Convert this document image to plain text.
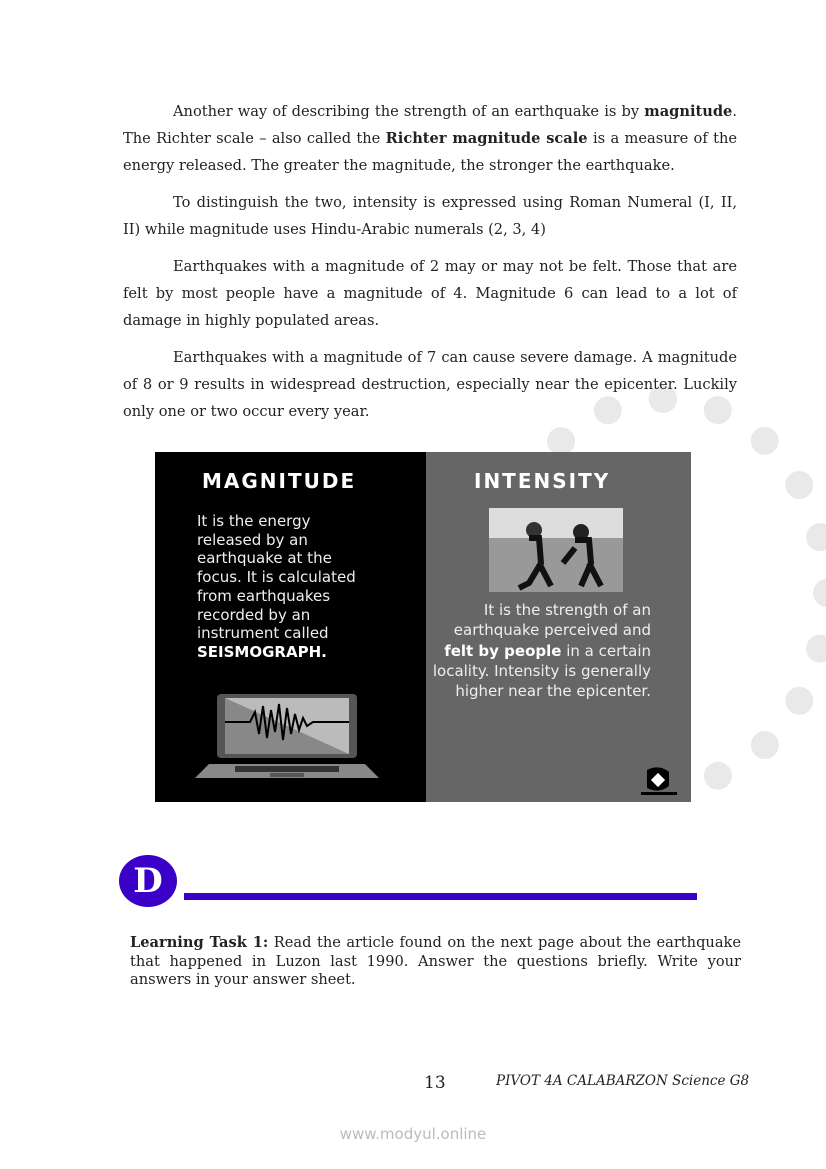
Another way of describing the strength of an earthquake is by magnitude. The Richter scale – also called the Richter magnitude scale is a measure of the energy released. The greater the magnitude, the stronger the earthquake.

To distinguish the two, intensity is expressed using Roman Numeral (I, II, II) while magnitude uses Hindu-Arabic numerals (2, 3, 4)

Earthquakes with a magnitude of 2 may or may not be felt. Those that are felt by most people have a magnitude of 4. Magnitude 6 can lead to a lot of damage in highly populated areas.

Earthquakes with a magnitude of 7 can cause severe damage. A magnitude of 8 or 9 results in widespread destruction, especially near the epicenter. Luckily only one or two occur every year.

MAGNITUDE
It is the energy released by an earthquake at the focus. It is calculated from earthquakes recorded by an instrument called SEISMOGRAPH.
INTENSITY
It is the strength of an earthquake perceived and felt by people in a certain locality. Intensity is generally higher near the epicenter.
D
Learning Task 1: Read the article found on the next page about the earthquake that happened in Luzon last 1990. Answer the questions briefly. Write your answers in your answer sheet.
13	PIVOT 4A CALABARZON Science G8
www.modyul.online
